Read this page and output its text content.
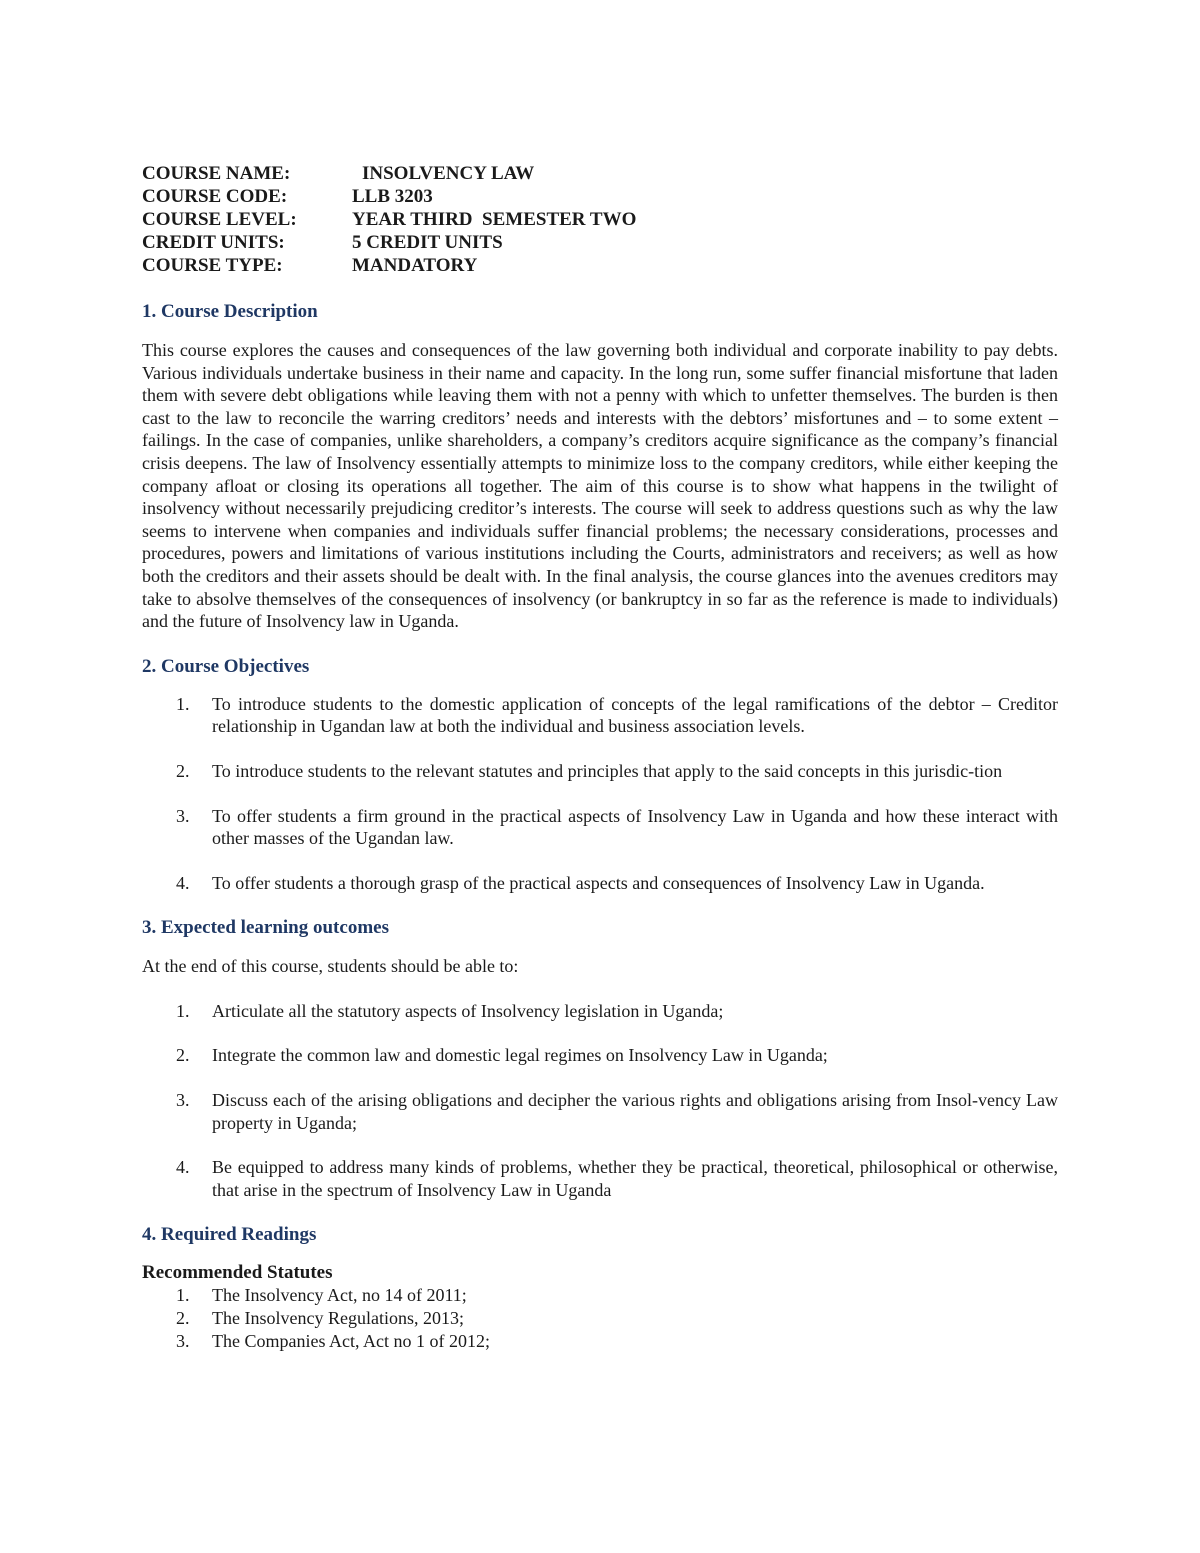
COURSE NAME:	INSOLVENCY LAW
COURSE CODE:	LLB 3203
COURSE LEVEL:	YEAR THIRD  SEMESTER TWO
CREDIT UNITS:	5 CREDIT UNITS
COURSE TYPE:	MANDATORY
1. Course Description

This course explores the causes and consequences of the law governing both individual and corporate inability to pay debts. Various individuals undertake business in their name and capacity. In the long run, some suffer financial misfortune that laden them with severe debt obligations while leaving them with not a penny with which to unfetter themselves. The burden is then cast to the law to reconcile the warring creditors’ needs and interests with the debtors’ misfortunes and – to some extent – failings. In the case of companies, unlike shareholders, a company’s creditors acquire significance as the company’s financial crisis deepens. The law of Insolvency essentially attempts to minimize loss to the company creditors, while either keeping the company afloat or closing its operations all together. The aim of this course is to show what happens in the twilight of insolvency without necessarily prejudicing creditor’s interests. The course will seek to address questions such as why the law seems to intervene when companies and individuals suffer financial problems; the necessary considerations, processes and procedures, powers and limitations of various institutions including the Courts, administrators and receivers; as well as how both the creditors and their assets should be dealt with. In the final analysis, the course glances into the avenues creditors may take to absolve themselves of the consequences of insolvency (or bankruptcy in so far as the reference is made to individuals) and the future of Insolvency law in Uganda.

2. Course Objectives
1.	To introduce students to the domestic application of concepts of the legal ramifications of the debtor – Creditor relationship in Ugandan law at both the individual and business association levels.
2.	To introduce students to the relevant statutes and principles that apply to the said concepts in this jurisdic-tion
3.	To offer students a firm ground in the practical aspects of Insolvency Law in Uganda and how these interact with other masses of the Ugandan law.
4.	To offer students a thorough grasp of the practical aspects and consequences of Insolvency Law in Uganda.
3. Expected learning outcomes

At the end of this course, students should be able to:

1.	Articulate all the statutory aspects of Insolvency legislation in Uganda;
2.	Integrate the common law and domestic legal regimes on Insolvency Law in Uganda;
3.	Discuss each of the arising obligations and decipher the various rights and obligations arising from Insol-vency Law property in Uganda;
4.	Be equipped to address many kinds of problems, whether they be practical, theoretical, philosophical or otherwise, that arise in the spectrum of Insolvency Law in Uganda
4. Required Readings
Recommended Statutes
1.	The Insolvency Act, no 14 of 2011;
2.	The Insolvency Regulations, 2013;
3.	The Companies Act, Act no 1 of 2012;
